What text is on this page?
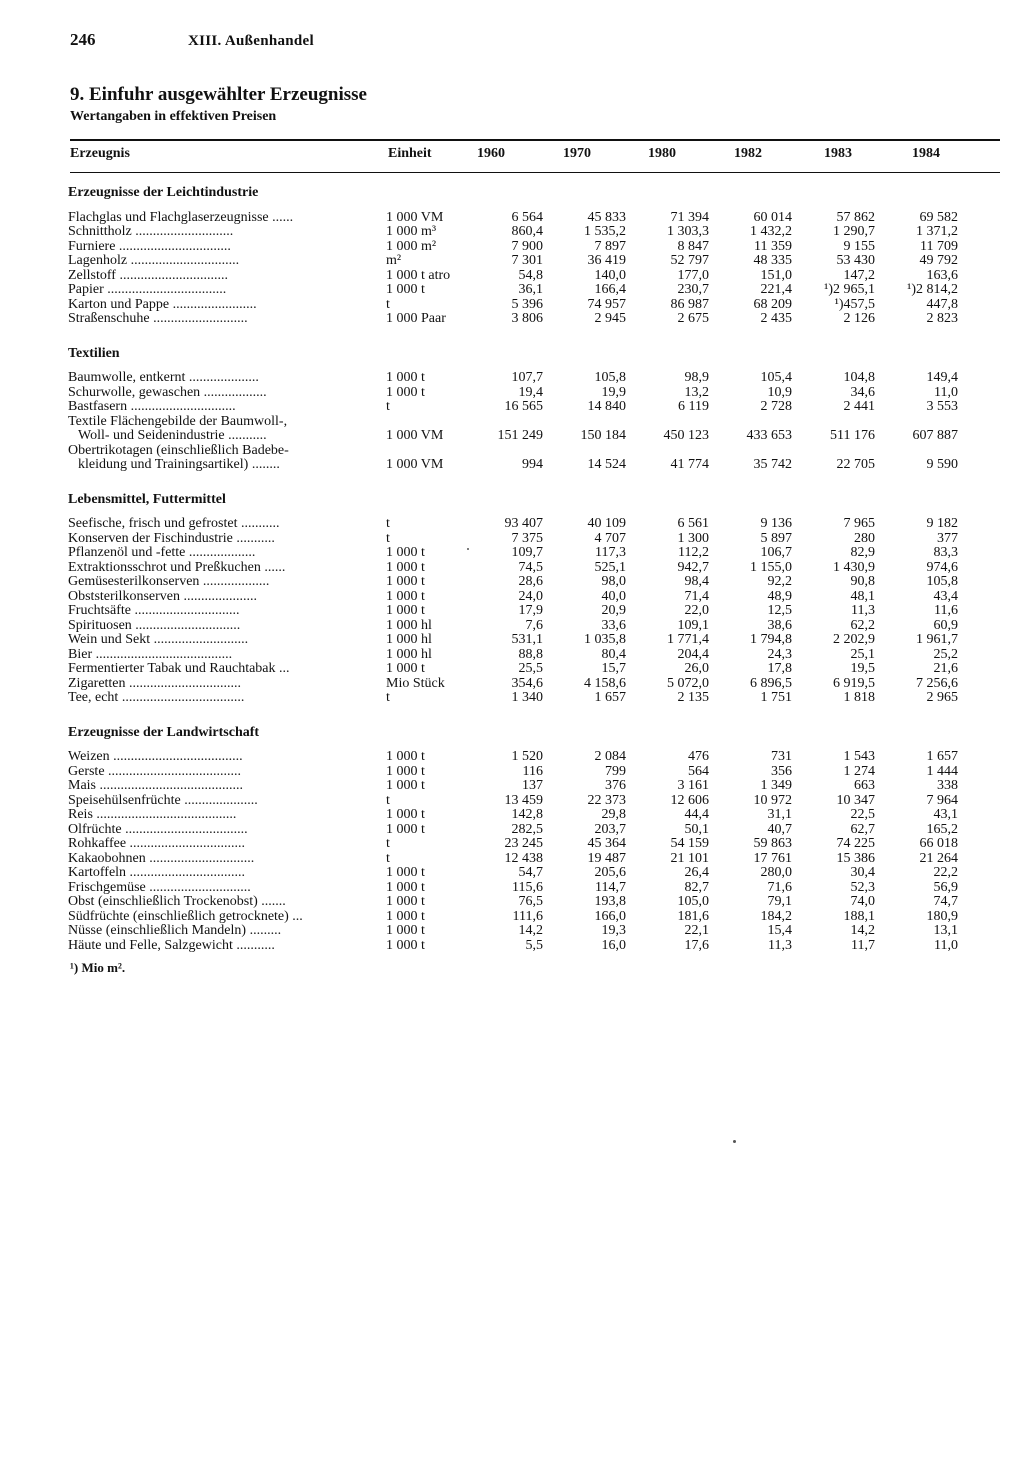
246	XIII. Außenhandel
9. Einfuhr ausgewählter Erzeugnisse
Wertangaben in effektiven Preisen
Erzeugnis	Einheit	1960	1970	1980	1982	1983	1984
	Erzeugnisse der Leichtindustrie								
	Flachglas und Flachglaserzeugnisse ......	1 000 VM	6 564	45 833	71 394	60 014	57 862	69 582	
	Schnittholz ............................	1 000 m³	860,4	1 535,2	1 303,3	1 432,2	1 290,7	1 371,2	
	Furniere ................................	1 000 m²	7 900	7 897	8 847	11 359	9 155	11 709	
	Lagenholz ...............................	m²	7 301	36 419	52 797	48 335	53 430	49 792	
	Zellstoff ...............................	1 000 t atro	54,8	140,0	177,0	151,0	147,2	163,6	
	Papier ..................................	1 000 t	36,1	166,4	230,7	221,4	¹)2 965,1	¹)2 814,2	
	Karton und Pappe ........................	t	5 396	74 957	86 987	68 209	¹)457,5	447,8	
	Straßenschuhe ...........................	1 000 Paar	3 806	2 945	2 675	2 435	2 126	2 823	

	Textilien								
	Baumwolle, entkernt ....................	1 000 t	107,7	105,8	98,9	105,4	104,8	149,4	
	Schurwolle, gewaschen ..................	1 000 t	19,4	19,9	13,2	10,9	34,6	11,0	
	Bastfasern ..............................	t	16 565	14 840	6 119	2 728	2 441	3 553	
	Textile Flächengebilde der Baumwoll-,								
	Woll- und Seidenindustrie ...........	1 000 VM	151 249	150 184	450 123	433 653	511 176	607 887	
	Obertrikotagen (einschließlich Badebe-								
	kleidung und Trainingsartikel) ........	1 000 VM	994	14 524	41 774	35 742	22 705	9 590	

	Lebensmittel, Futtermittel								
	Seefische, frisch und gefrostet ...........	t	93 407	40 109	6 561	9 136	7 965	9 182	
	Konserven der Fischindustrie ...........	t	7 375	4 707	1 300	5 897	280	377	
	Pflanzenöl und -fette ...................	1 000 t	109,7	117,3	112,2	106,7	82,9	83,3	
	Extraktionsschrot und Preßkuchen ......	1 000 t	74,5	525,1	942,7	1 155,0	1 430,9	974,6	
	Gemüsesterilkonserven ...................	1 000 t	28,6	98,0	98,4	92,2	90,8	105,8	
	Obststerilkonserven .....................	1 000 t	24,0	40,0	71,4	48,9	48,1	43,4	
	Fruchtsäfte ..............................	1 000 t	17,9	20,9	22,0	12,5	11,3	11,6	
	Spirituosen ..............................	1 000 hl	7,6	33,6	109,1	38,6	62,2	60,9	
	Wein und Sekt ...........................	1 000 hl	531,1	1 035,8	1 771,4	1 794,8	2 202,9	1 961,7	
	Bier .......................................	1 000 hl	88,8	80,4	204,4	24,3	25,1	25,2	
	Fermentierter Tabak und Rauchtabak ...	1 000 t	25,5	15,7	26,0	17,8	19,5	21,6	
	Zigaretten ................................	Mio Stück	354,6	4 158,6	5 072,0	6 896,5	6 919,5	7 256,6	
	Tee, echt ...................................	t	1 340	1 657	2 135	1 751	1 818	2 965	

	Erzeugnisse der Landwirtschaft								
	Weizen .....................................	1 000 t	1 520	2 084	476	731	1 543	1 657	
	Gerste ......................................	1 000 t	116	799	564	356	1 274	1 444	
	Mais .........................................	1 000 t	137	376	3 161	1 349	663	338	
	Speisehülsenfrüchte .....................	t	13 459	22 373	12 606	10 972	10 347	7 964	
	Reis ........................................	1 000 t	142,8	29,8	44,4	31,1	22,5	43,1	
	Ölfrüchte ...................................	1 000 t	282,5	203,7	50,1	40,7	62,7	165,2	
	Rohkaffee .................................	t	23 245	45 364	54 159	59 863	74 225	66 018	
	Kakaobohnen ..............................	t	12 438	19 487	21 101	17 761	15 386	21 264	
	Kartoffeln .................................	1 000 t	54,7	205,6	26,4	280,0	30,4	22,2	
	Frischgemüse .............................	1 000 t	115,6	114,7	82,7	71,6	52,3	56,9	
	Obst (einschließlich Trockenobst) .......	1 000 t	76,5	193,8	105,0	79,1	74,0	74,7	
	Südfrüchte (einschließlich getrocknete) ...	1 000 t	111,6	166,0	181,6	184,2	188,1	180,9	
	Nüsse (einschließlich Mandeln) .........	1 000 t	14,2	19,3	22,1	15,4	14,2	13,1	
	Häute und Felle, Salzgewicht ...........	1 000 t	5,5	16,0	17,6	11,3	11,7	11,0	
¹) Mio m².
